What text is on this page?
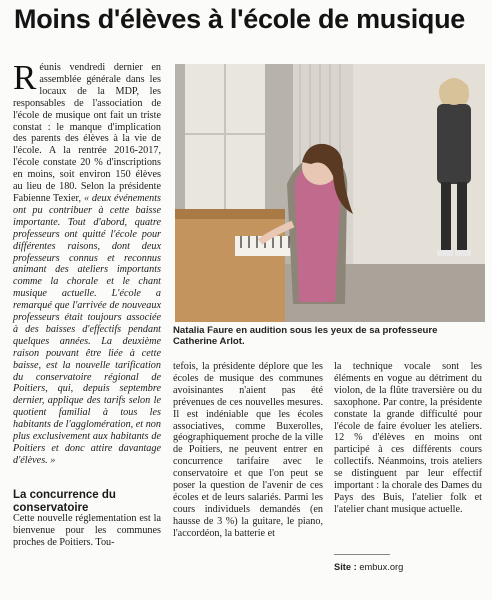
Moins d'élèves à l'école de musique

Réunis vendredi dernier en assemblée générale dans les locaux de la MDP, les responsables de l'association de l'école de musique ont fait un triste constat : le manque d'implication des parents des élèves à la vie de l'école. A la rentrée 2016-2017, l'école constate 20 % d'inscriptions en moins, soit environ 150 élèves au lieu de 180. Selon la présidente Fabienne Texier, « deux événements ont pu contribuer à cette baisse importante. Tout d'abord, quatre professeurs ont quitté l'école pour différentes raisons, dont deux professeurs connus et reconnus animant des ateliers importants comme la chorale et le chant musique actuelle. L'école a remarqué que l'arrivée de nouveaux professeurs était toujours associée à des baisses d'effectifs pendant quelques années. La deuxième raison pouvant être liée à cette baisse, est la nouvelle tarification du conservatoire régional de Poitiers, qui, depuis septembre dernier, applique des tarifs selon le quotient familial à tous les habitants de l'agglomération, et non plus exclusivement aux habitants de Poitiers et donc attire davantage d'élèves. »

La concurrence du conservatoire

Cette nouvelle réglementation est la bienvenue pour les communes proches de Poitiers. Tou-

Natalia Faure en audition sous les yeux de sa professeure Catherine Arlot.

tefois, la présidente déplore que les écoles de musique des communes avoisinantes n'aient pas été prévenues de ces nouvelles mesures. Il est indéniable que les écoles associatives, comme Buxerolles, géographiquement proche de la ville de Poitiers, ne peuvent entrer en concurrence tarifaire avec le conservatoire et que l'on peut se poser la question de l'avenir de ces écoles et de leurs salariés. Parmi les cours individuels demandés (en hausse de 3 %) la guitare, le piano, l'accordéon, la batterie et

la technique vocale sont les éléments en vogue au détriment du violon, de la flûte traversière ou du saxophone. Par contre, la présidente constate la grande difficulté pour l'école de faire évoluer les ateliers. 12 % d'élèves en moins ont participé à ces différents cours collectifs. Néanmoins, trois ateliers se distinguent par leur effectif important : la chorale des Dames du Pays des Buis, l'atelier folk et l'atelier chant musique actuelle.

Site : embux.org
